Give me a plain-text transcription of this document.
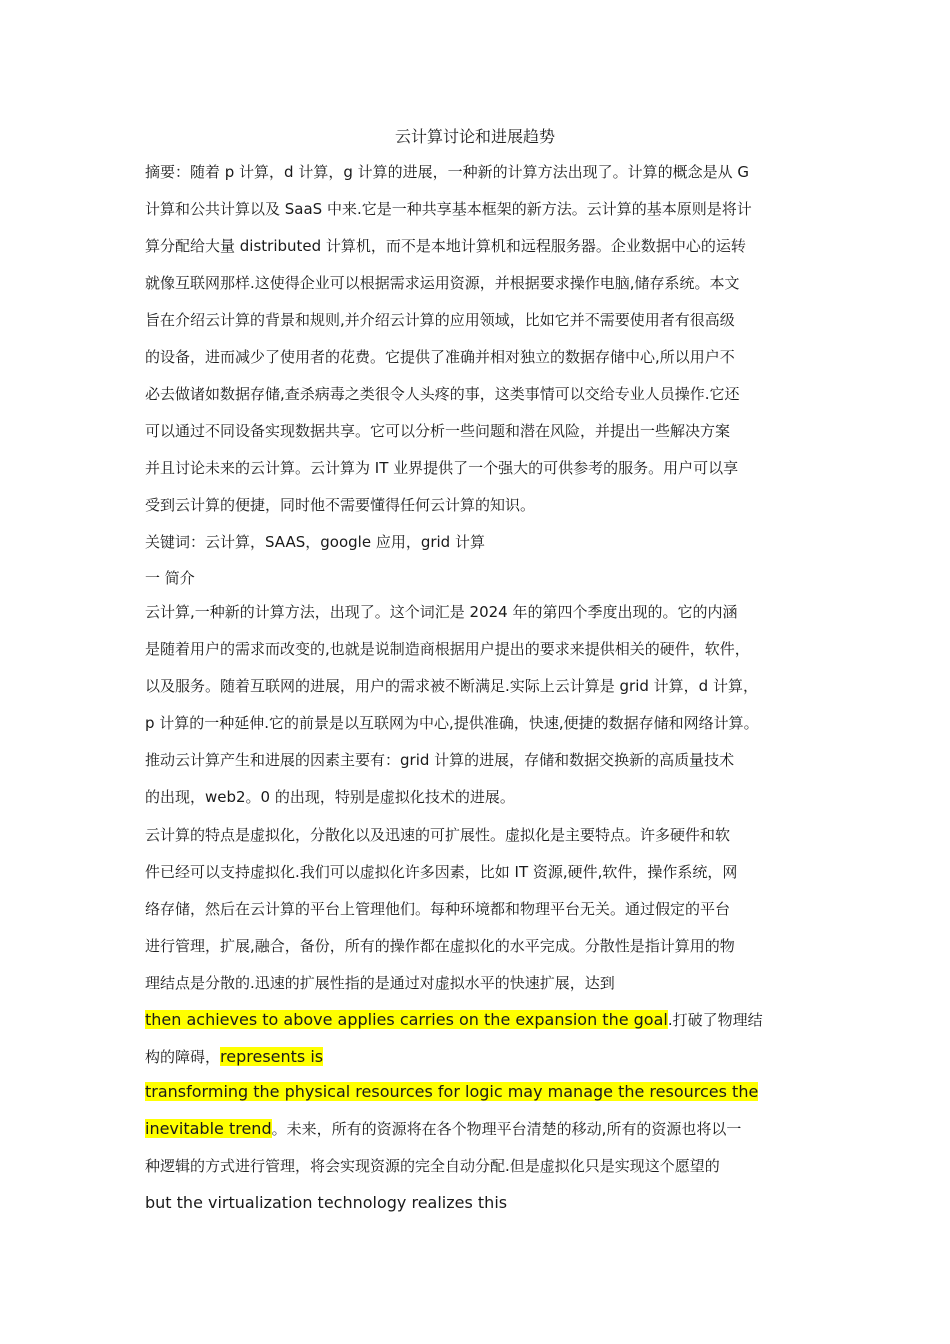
云计算讨论和进展趋势
摘要：随着 p 计算，d 计算，g 计算的进展，一种新的计算方法出现了。计算的概念是从 G
计算和公共计算以及 SaaS 中来.它是一种共享基本框架的新方法。云计算的基本原则是将计
算分配给大量 distributed 计算机，而不是本地计算机和远程服务器。企业数据中心的运转
就像互联网那样.这使得企业可以根据需求运用资源，并根据要求操作电脑,储存系统。本文
旨在介绍云计算的背景和规则,并介绍云计算的应用领域，比如它并不需要使用者有很高级
的设备，进而减少了使用者的花费。它提供了准确并相对独立的数据存储中心,所以用户不
必去做诸如数据存储,查杀病毒之类很令人头疼的事，这类事情可以交给专业人员操作.它还
可以通过不同设备实现数据共享。它可以分析一些问题和潜在风险，并提出一些解决方案
并且讨论未来的云计算。云计算为 IT 业界提供了一个强大的可供参考的服务。用户可以享
受到云计算的便捷，同时他不需要懂得任何云计算的知识。
关键词：云计算，SAAS，google 应用，grid 计算
一 简介
云计算,一种新的计算方法，出现了。这个词汇是 2024 年的第四个季度出现的。它的内涵
是随着用户的需求而改变的,也就是说制造商根据用户提出的要求来提供相关的硬件，软件，
以及服务。随着互联网的进展，用户的需求被不断满足.实际上云计算是 grid 计算，d 计算，
p 计算的一种延伸.它的前景是以互联网为中心,提供准确，快速,便捷的数据存储和网络计算。
推动云计算产生和进展的因素主要有：grid 计算的进展，存储和数据交换新的高质量技术
的出现，web2。0 的出现，特别是虚拟化技术的进展。
云计算的特点是虚拟化，分散化以及迅速的可扩展性。虚拟化是主要特点。许多硬件和软
件已经可以支持虚拟化.我们可以虚拟化许多因素，比如 IT 资源,硬件,软件，操作系统，网
络存储，然后在云计算的平台上管理他们。每种环境都和物理平台无关。通过假定的平台
进行管理，扩展,融合，备份，所有的操作都在虚拟化的水平完成。分散性是指计算用的物
理结点是分散的.迅速的扩展性指的是通过对虚拟水平的快速扩展，达到
then achieves to above applies carries on the expansion the goal.打破了物理结
构的障碍，represents is
transforming the physical resources for logic may manage the resources the
inevitable trend。未来，所有的资源将在各个物理平台清楚的移动,所有的资源也将以一
种逻辑的方式进行管理，将会实现资源的完全自动分配.但是虚拟化只是实现这个愿望的
but the virtualization technology realizes this
